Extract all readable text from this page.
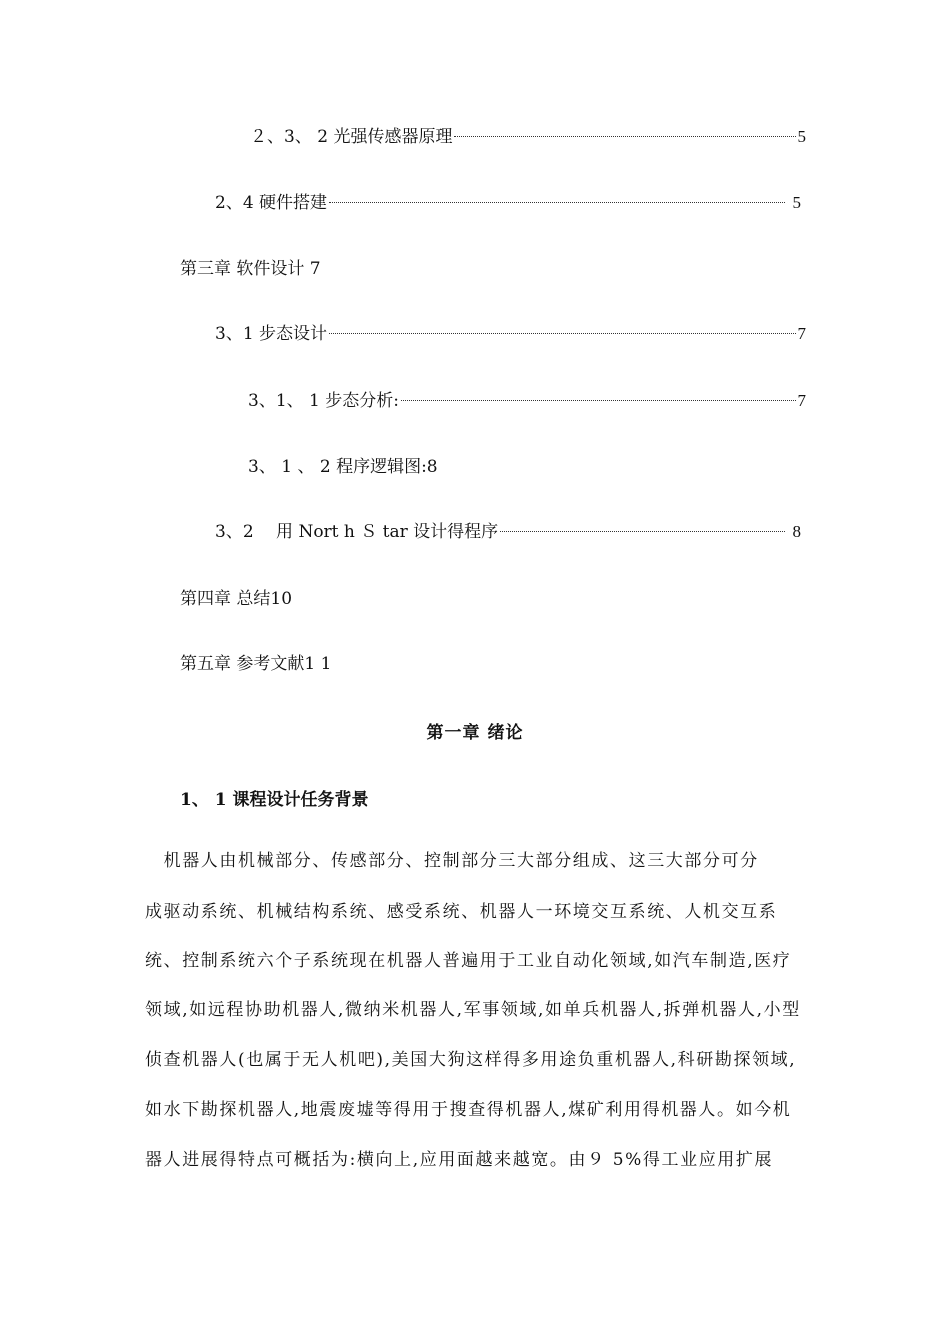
２、3、 2 光强传感器原理	5
2、4 硬件搭建	5
第三章 软件设计 7
3、1 步态设计	7
3、1、 1 步态分析:	7
3、 1 、 2 程序逻辑图:8
3、2　 用 Nort h Ｓ tar 设计得程序	8
第四章 总结10
第五章 参考文献1 1
第一章 绪论
1、 1 课程设计任务背景
　机器人由机械部分、传感部分、控制部分三大部分组成、这三大部分可分
成驱动系统、机械结构系统、感受系统、机器人一环境交互系统、人机交互系
统、控制系统六个子系统现在机器人普遍用于工业自动化领域,如汽车制造,医疗
领域,如远程协助机器人,微纳米机器人,军事领域,如单兵机器人,拆弹机器人,小型
侦查机器人(也属于无人机吧),美国大狗这样得多用途负重机器人,科研勘探领域,
如水下勘探机器人,地震废墟等得用于搜查得机器人,煤矿利用得机器人。如今机
器人进展得特点可概括为:横向上,应用面越来越宽。由９ 5%得工业应用扩展
